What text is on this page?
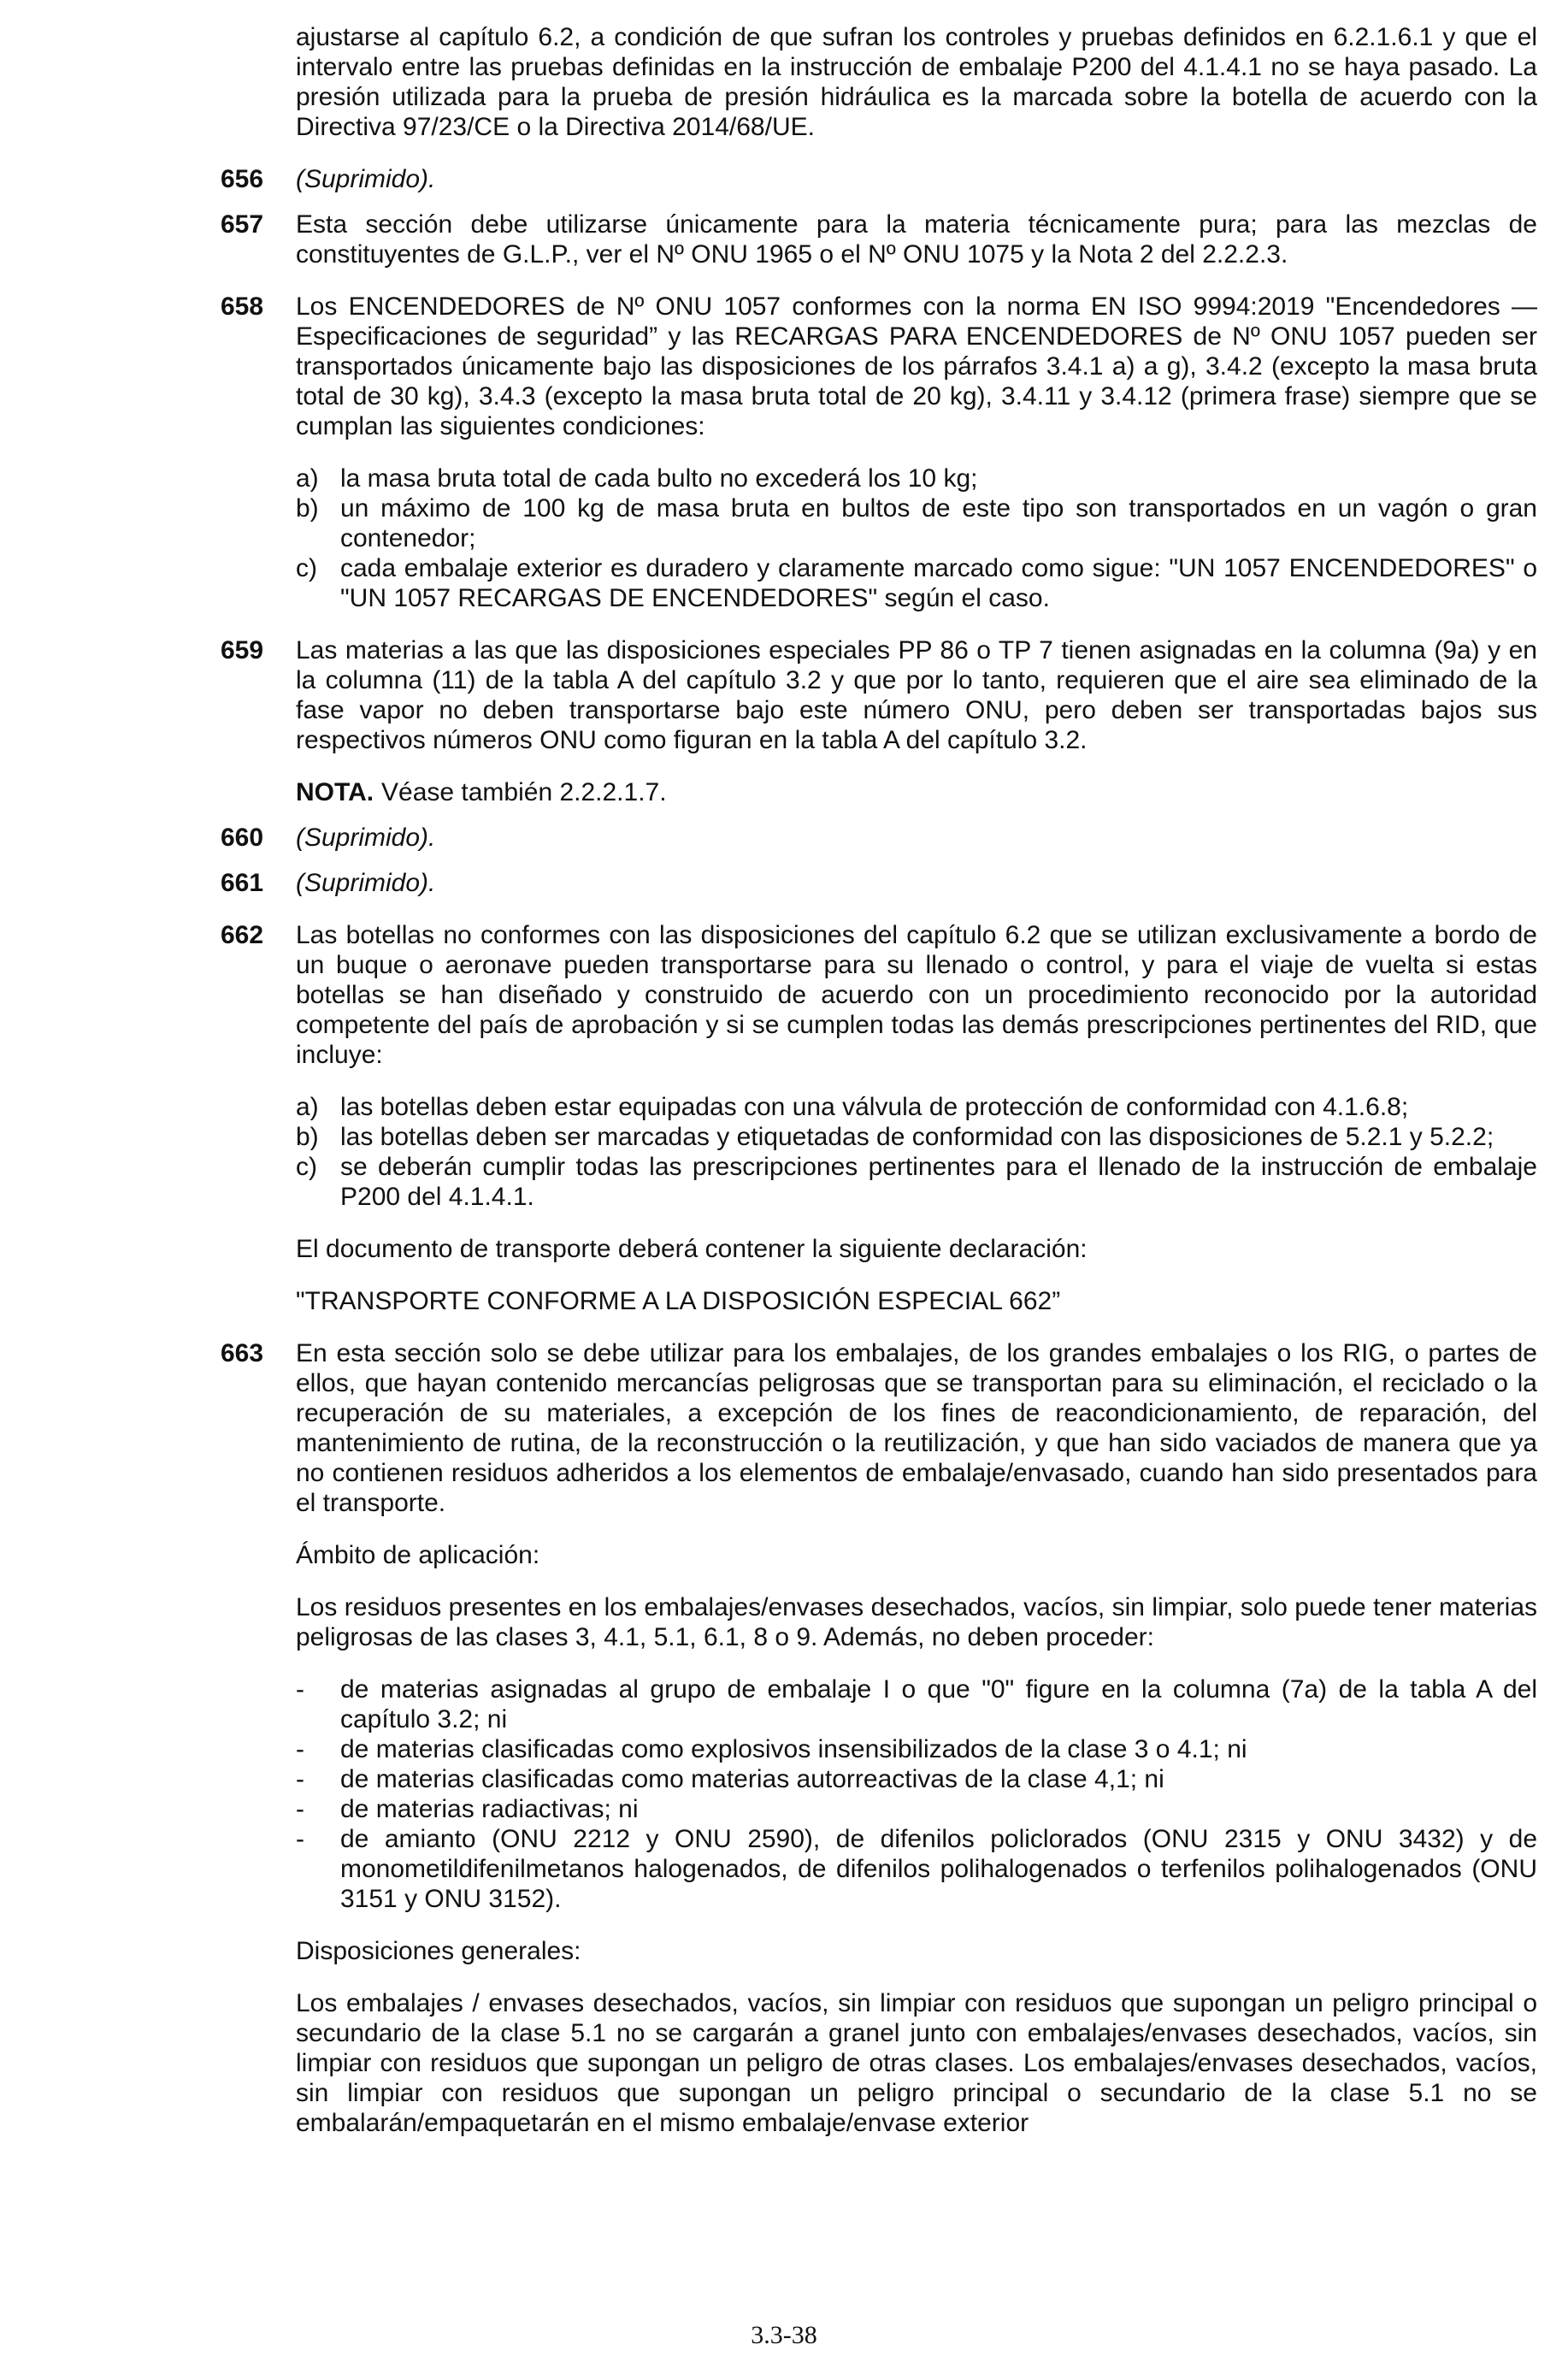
ajustarse al capítulo 6.2, a condición de que sufran los controles y pruebas definidos en 6.2.1.6.1 y que el intervalo entre las pruebas definidas en la instrucción de embalaje P200 del 4.1.4.1 no se haya pasado. La presión utilizada para la prueba de presión hidráulica es la marcada sobre la botella de acuerdo con la Directiva 97/23/CE o la Directiva 2014/68/UE.

656 (Suprimido).

657 Esta sección debe utilizarse únicamente para la materia técnicamente pura; para las mezclas de constituyentes de G.L.P., ver el Nº ONU 1965 o el Nº ONU 1075 y la Nota 2 del 2.2.2.3.

658 Los ENCENDEDORES de Nº ONU 1057 conformes con la norma EN ISO 9994:2019 "Encendedores — Especificaciones de seguridad” y las RECARGAS PARA ENCENDEDORES de Nº ONU 1057 pueden ser transportados únicamente bajo las disposiciones de los párrafos 3.4.1 a) a g), 3.4.2 (excepto la masa bruta total de 30 kg), 3.4.3 (excepto la masa bruta total de 20 kg), 3.4.11 y 3.4.12 (primera frase) siempre que se cumplan las siguientes condiciones:

a) la masa bruta total de cada bulto no excederá los 10 kg;
b) un máximo de 100 kg de masa bruta en bultos de este tipo son transportados en un vagón o gran contenedor;
c) cada embalaje exterior es duradero y claramente marcado como sigue: "UN 1057 ENCENDEDORES" o "UN 1057 RECARGAS DE ENCENDEDORES" según el caso.
659 Las materias a las que las disposiciones especiales PP 86 o TP 7 tienen asignadas en la columna (9a) y en la columna (11) de la tabla A del capítulo 3.2 y que por lo tanto, requieren que el aire sea eliminado de la fase vapor no deben transportarse bajo este número ONU, pero deben ser transportadas bajos sus respectivos números ONU como figuran en la tabla A del capítulo 3.2.

NOTA. Véase también 2.2.2.1.7.
660 (Suprimido).

661 (Suprimido).

662 Las botellas no conformes con las disposiciones del capítulo 6.2 que se utilizan exclusivamente a bordo de un buque o aeronave pueden transportarse para su llenado o control, y para el viaje de vuelta si estas botellas se han diseñado y construido de acuerdo con un procedimiento reconocido por la autoridad competente del país de aprobación y si se cumplen todas las demás prescripciones pertinentes del RID, que incluye:

a) las botellas deben estar equipadas con una válvula de protección de conformidad con 4.1.6.8;
b) las botellas deben ser marcadas y etiquetadas de conformidad con las disposiciones de 5.2.1 y 5.2.2;
c) se deberán cumplir todas las prescripciones pertinentes para el llenado de la instrucción de embalaje P200 del 4.1.4.1.

El documento de transporte deberá contener la siguiente declaración:

"TRANSPORTE CONFORME A LA DISPOSICIÓN ESPECIAL 662”

663 En esta sección solo se debe utilizar para los embalajes, de los grandes embalajes o los RIG, o partes de ellos, que hayan contenido mercancías peligrosas que se transportan para su eliminación, el reciclado o la recuperación de su materiales, a excepción de los fines de reacondicionamiento, de reparación, del mantenimiento de rutina, de la reconstrucción o la reutilización, y que han sido vaciados de manera que ya no contienen residuos adheridos a los elementos de embalaje/envasado, cuando han sido presentados para el transporte.

Ámbito de aplicación:

Los residuos presentes en los embalajes/envases desechados, vacíos, sin limpiar, solo puede tener materias peligrosas de las clases 3, 4.1, 5.1, 6.1, 8 o 9. Además, no deben proceder:

- de materias asignadas al grupo de embalaje I o que "0" figure en la columna (7a) de la tabla A del capítulo 3.2; ni
- de materias clasificadas como explosivos insensibilizados de la clase 3 o 4.1; ni
- de materias clasificadas como materias autorreactivas de la clase 4,1; ni
- de materias radiactivas; ni
- de amianto (ONU 2212 y ONU 2590), de difenilos policlorados (ONU 2315 y ONU 3432) y de monometildifenilmetanos halogenados, de difenilos polihalogenados o terfenilos polihalogenados (ONU 3151 y ONU 3152).

Disposiciones generales:

Los embalajes / envases desechados, vacíos, sin limpiar con residuos que supongan un peligro principal o secundario de la clase 5.1 no se cargarán a granel junto con embalajes/envases desechados, vacíos, sin limpiar con residuos que supongan un peligro de otras clases. Los embalajes/envases desechados, vacíos, sin limpiar con residuos que supongan un peligro principal o secundario de la clase 5.1 no se embalarán/empaquetarán en el mismo embalaje/envase exterior

3.3-38
